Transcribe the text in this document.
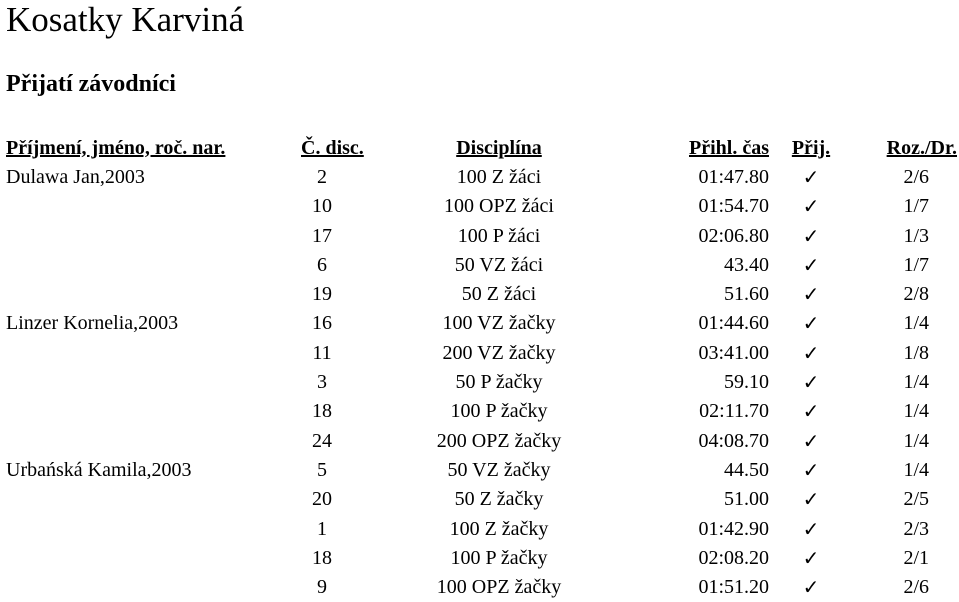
Kosatky Karviná
Přijatí závodníci
Příjmení, jméno, roč. nar.	Č. disc.	Disciplína	Přihl. čas	Přij.	Roz./Dr.
Dulawa Jan,2003	2	100 Z žáci	01:47.80	✓	2/6
	10	100 OPZ žáci	01:54.70	✓	1/7
	17	100 P žáci	02:06.80	✓	1/3
	6	50 VZ žáci	43.40	✓	1/7
	19	50 Z žáci	51.60	✓	2/8
Linzer Kornelia,2003	16	100 VZ žačky	01:44.60	✓	1/4
	11	200 VZ žačky	03:41.00	✓	1/8
	3	50 P žačky	59.10	✓	1/4
	18	100 P žačky	02:11.70	✓	1/4
	24	200 OPZ žačky	04:08.70	✓	1/4
Urbańská Kamila,2003	5	50 VZ žačky	44.50	✓	1/4
	20	50 Z žačky	51.00	✓	2/5
	1	100 Z žačky	01:42.90	✓	2/3
	18	100 P žačky	02:08.20	✓	2/1
	9	100 OPZ žačky	01:51.20	✓	2/6
